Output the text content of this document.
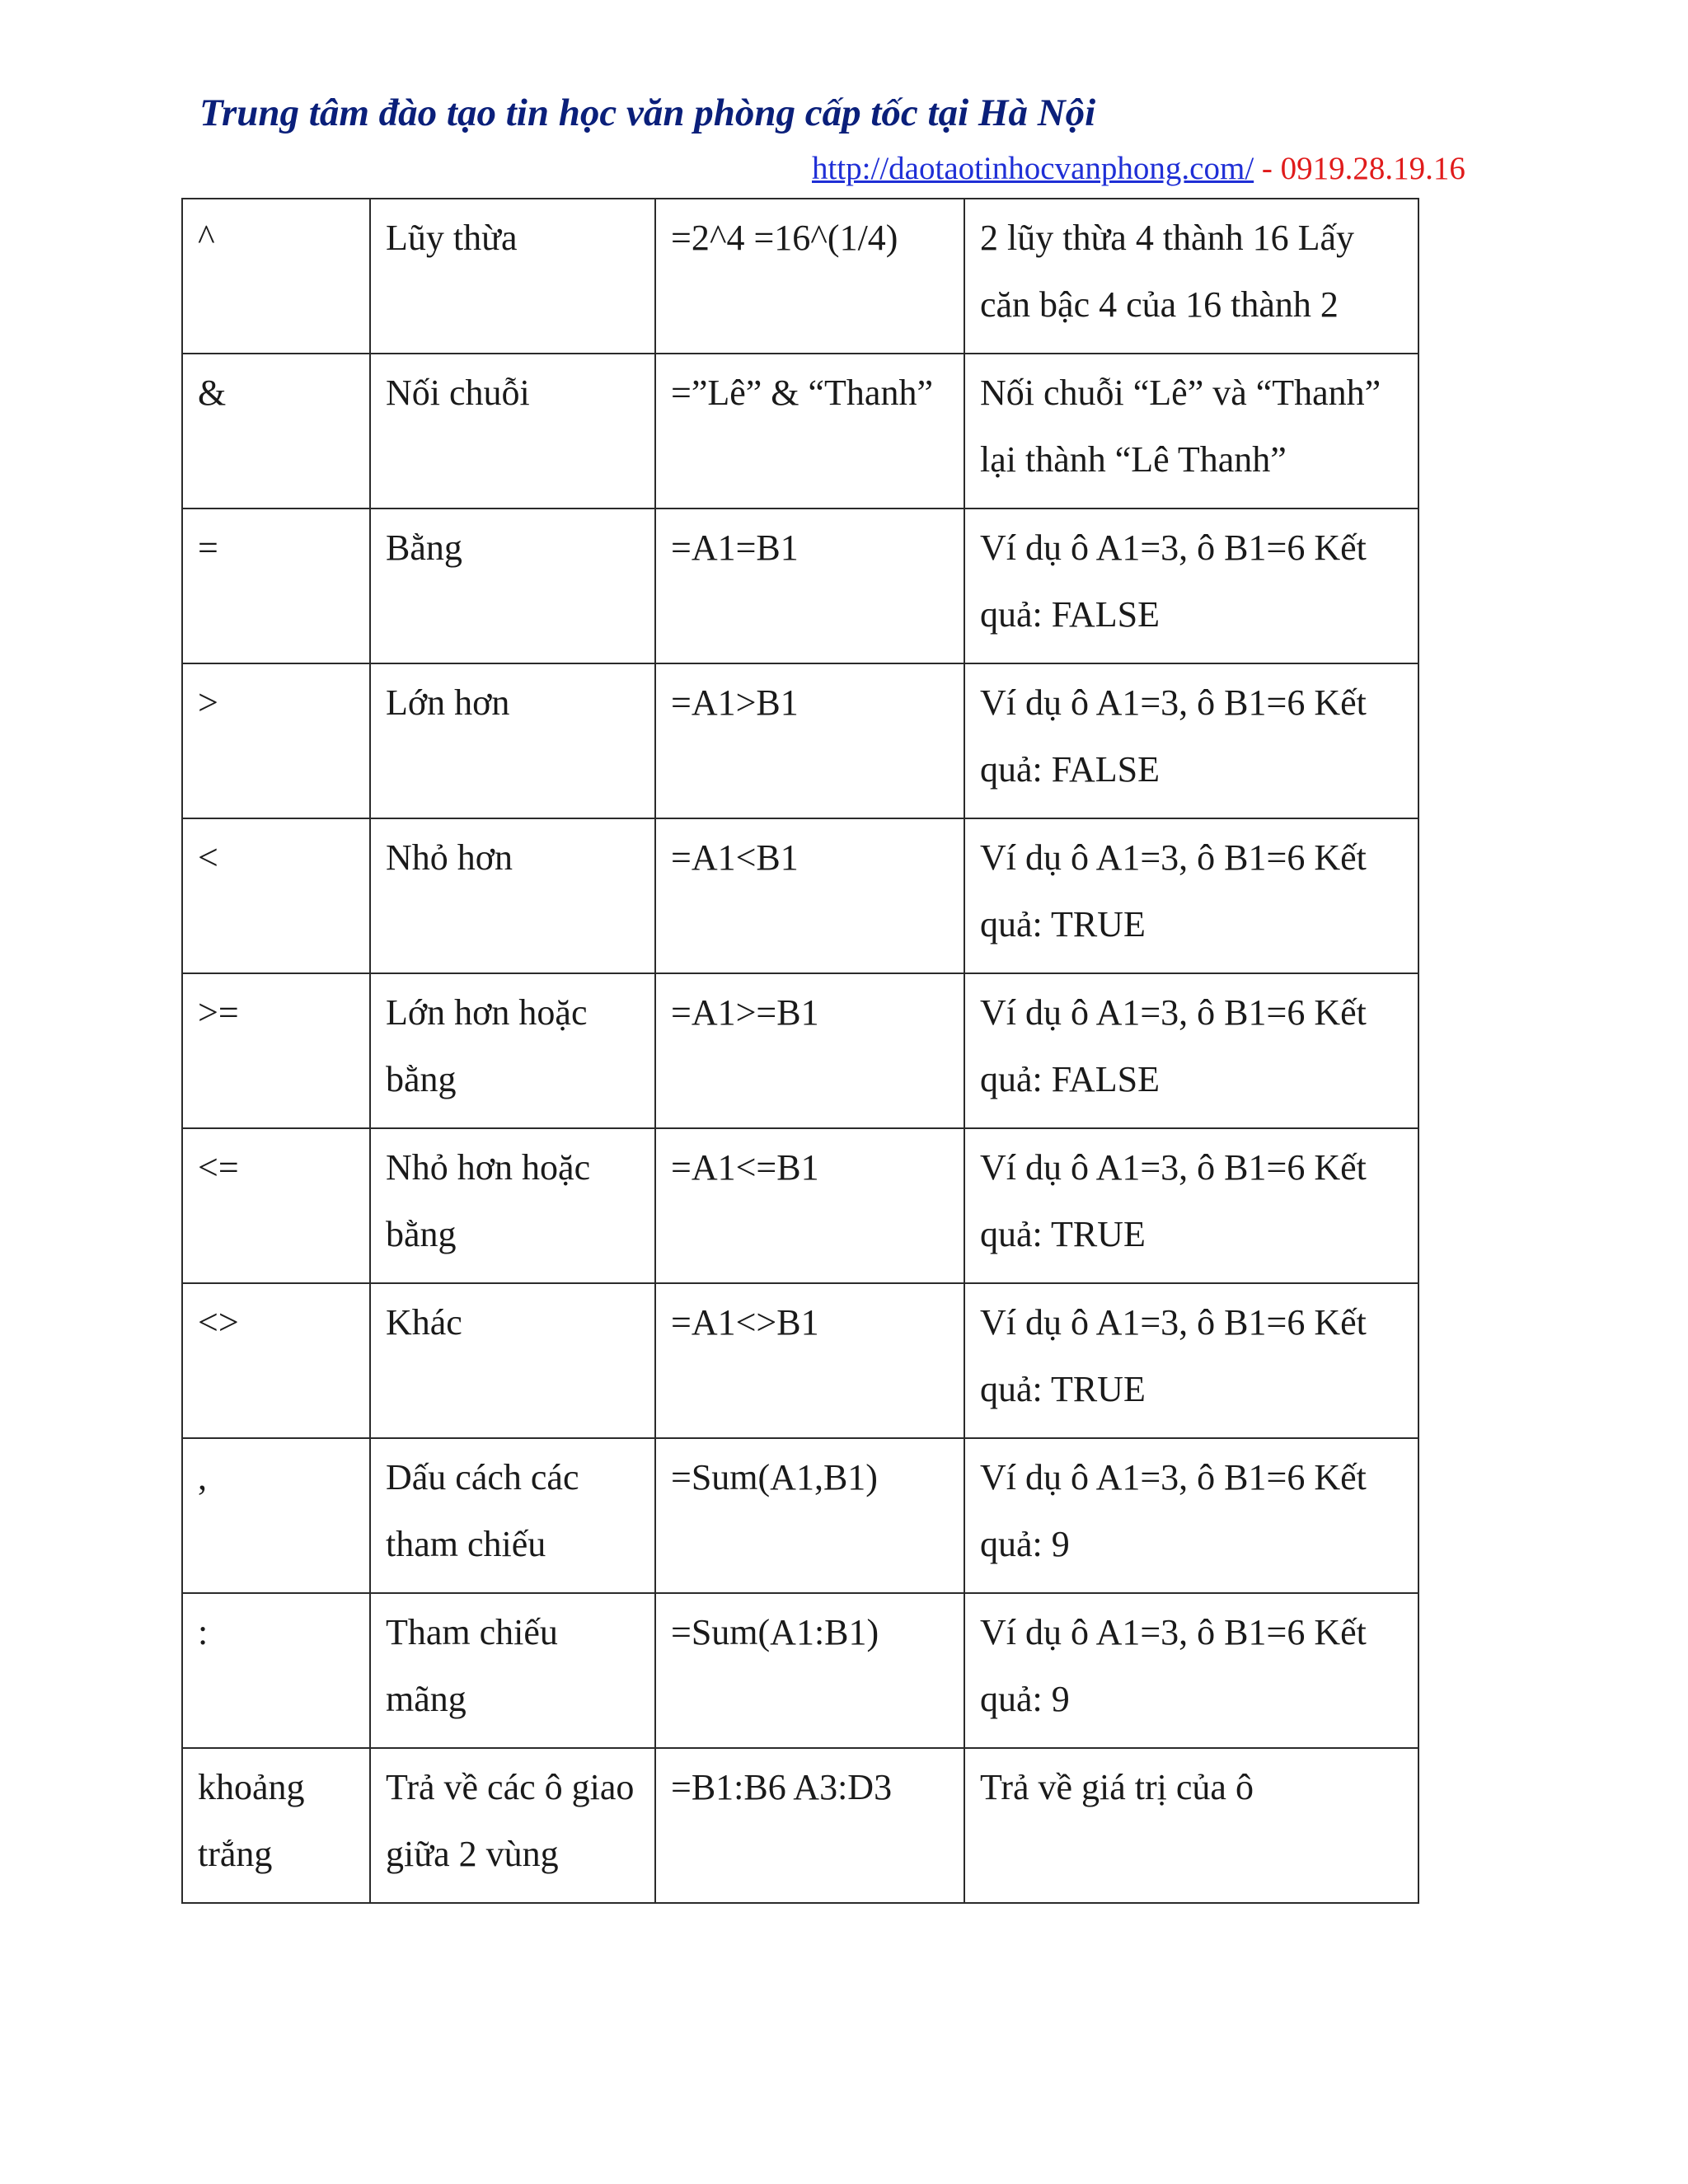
Trung tâm đào tạo tin học văn phòng cấp tốc tại Hà Nội
http://daotaotinhocvanphong.com/ - 0919.28.19.16
^	Lũy thừa	=2^4 =16^(1/4)	2 lũy thừa 4 thành 16 Lấy căn bậc 4 của 16 thành 2

&	Nối chuỗi	=”Lê” & “Thanh”	Nối chuỗi “Lê” và “Thanh” lại thành “Lê Thanh”

=	Bằng	=A1=B1	Ví dụ ô A1=3, ô B1=6 Kết quả: FALSE

>	Lớn hơn	=A1>B1	Ví dụ ô A1=3, ô B1=6 Kết quả: FALSE

<	Nhỏ hơn	=A1<B1	Ví dụ ô A1=3, ô B1=6 Kết quả: TRUE

>=	Lớn hơn hoặc bằng	=A1>=B1	Ví dụ ô A1=3, ô B1=6 Kết quả: FALSE

<=	Nhỏ hơn hoặc bằng	=A1<=B1	Ví dụ ô A1=3, ô B1=6 Kết quả: TRUE

<>	Khác	=A1<>B1	Ví dụ ô A1=3, ô B1=6 Kết quả: TRUE

,	Dấu cách các tham chiếu	=Sum(A1,B1)	Ví dụ ô A1=3, ô B1=6 Kết quả: 9

:	Tham chiếu mãng	=Sum(A1:B1)	Ví dụ ô A1=3, ô B1=6 Kết quả: 9

khoảng trắng	Trả về các ô giao giữa 2 vùng	=B1:B6 A3:D3	Trả về giá trị của ô
